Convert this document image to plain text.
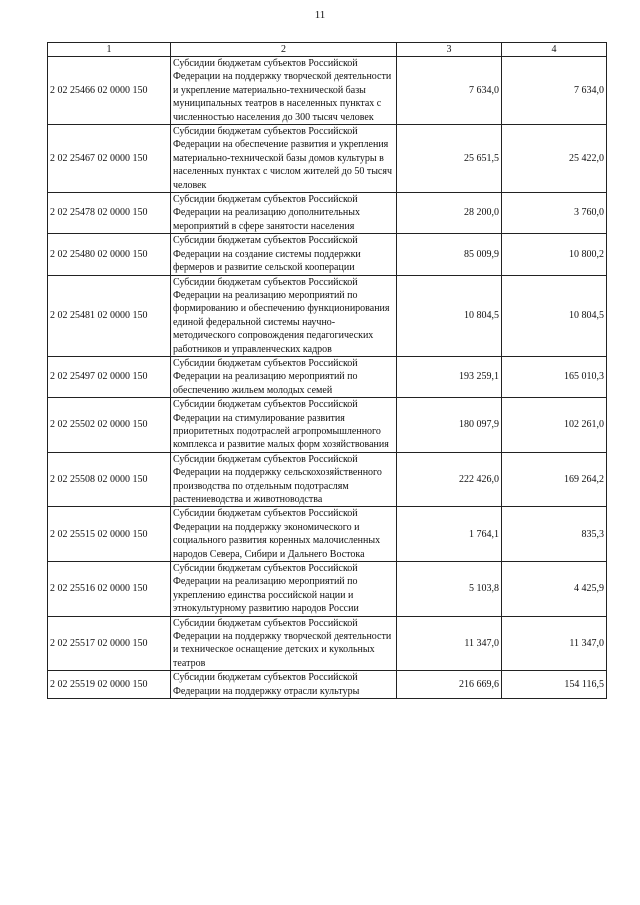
11
1	2	3	4
2 02 25466 02 0000 150	Субсидии бюджетам субъектов Российской Федерации на поддержку творческой деятельности и укрепление материально-технической базы муниципальных театров в населенных пунктах с численностью населения до 300 тысяч человек	7 634,0	7 634,0
2 02 25467 02 0000 150	Субсидии бюджетам субъектов Российской Федерации на обеспечение развития и укрепления материально-технической базы домов культуры в населенных пунктах с числом жителей до 50 тысяч человек	25 651,5	25 422,0
2 02 25478 02 0000 150	Субсидии бюджетам субъектов Российской Федерации на реализацию дополнительных мероприятий в сфере занятости населения	28 200,0	3 760,0
2 02 25480 02 0000 150	Субсидии бюджетам субъектов Российской Федерации на создание системы поддержки фермеров и развитие сельской кооперации	85 009,9	10 800,2
2 02 25481 02 0000 150	Субсидии бюджетам субъектов Российской Федерации на реализацию мероприятий по формированию и обеспечению функционирования единой федеральной системы научно-методического сопровождения педагогических работников и управленческих кадров	10 804,5	10 804,5
2 02 25497 02 0000 150	Субсидии бюджетам субъектов Российской Федерации на реализацию мероприятий по обеспечению жильем молодых семей	193 259,1	165 010,3
2 02 25502 02 0000 150	Субсидии бюджетам субъектов Российской Федерации на стимулирование развития приоритетных подотраслей агропромышленного комплекса и развитие малых форм хозяйствования	180 097,9	102 261,0
2 02 25508 02 0000 150	Субсидии бюджетам субъектов Российской Федерации на поддержку сельскохозяйственного производства по отдельным подотраслям растениеводства и животноводства	222 426,0	169 264,2
2 02 25515 02 0000 150	Субсидии бюджетам субъектов Российской Федерации на поддержку экономического и социального развития коренных малочисленных народов Севера, Сибири и Дальнего Востока	1 764,1	835,3
2 02 25516 02 0000 150	Субсидии бюджетам субъектов Российской Федерации на реализацию мероприятий по укреплению единства российской нации и этнокультурному развитию народов России	5 103,8	4 425,9
2 02 25517 02 0000 150	Субсидии бюджетам субъектов Российской Федерации на поддержку творческой деятельности и техническое оснащение детских и кукольных театров	11 347,0	11 347,0
2 02 25519 02 0000 150	Субсидии бюджетам субъектов Российской Федерации на поддержку отрасли культуры	216 669,6	154 116,5
